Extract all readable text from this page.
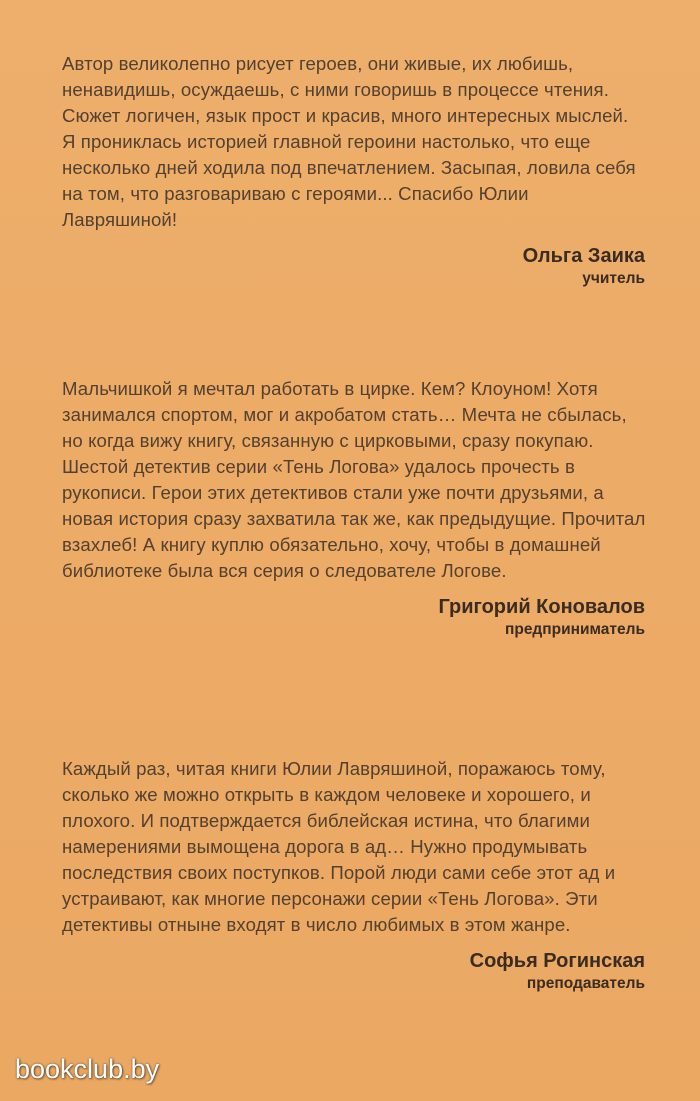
Автор великолепно рисует героев, они живые, их любишь, ненавидишь, осуждаешь, с ними говоришь в процессе чтения. Сюжет логичен, язык прост и красив, много интересных мыслей. Я прониклась историей главной героини настолько, что еще несколько дней ходила под впечатлением. Засыпая, ловила себя на том, что разговариваю с героями... Спасибо Юлии Лавряшиной!

Ольга Заика
учитель

Мальчишкой я мечтал работать в цирке. Кем? Клоуном! Хотя занимался спортом, мог и акробатом стать… Мечта не сбылась, но когда вижу книгу, связанную с цирковыми, сразу покупаю. Шестой детектив серии «Тень Логова» удалось прочесть в рукописи. Герои этих детективов стали уже почти друзьями, а новая история сразу захватила так же, как предыдущие. Прочитал взахлеб! А книгу куплю обязательно, хочу, чтобы в домашней библиотеке была вся серия о следователе Логове.

Григорий Коновалов
предприниматель

Каждый раз, читая книги Юлии Лавряшиной, поражаюсь тому, сколько же можно открыть в каждом человеке и хорошего, и плохого. И подтверждается библейская истина, что благими намерениями вымощена дорога в ад… Нужно продумывать последствия своих поступков. Порой люди сами себе этот ад и устраивают, как многие персонажи серии «Тень Логова». Эти детективы отныне входят в число любимых в этом жанре.

Софья Рогинская
преподаватель
bookclub.by
